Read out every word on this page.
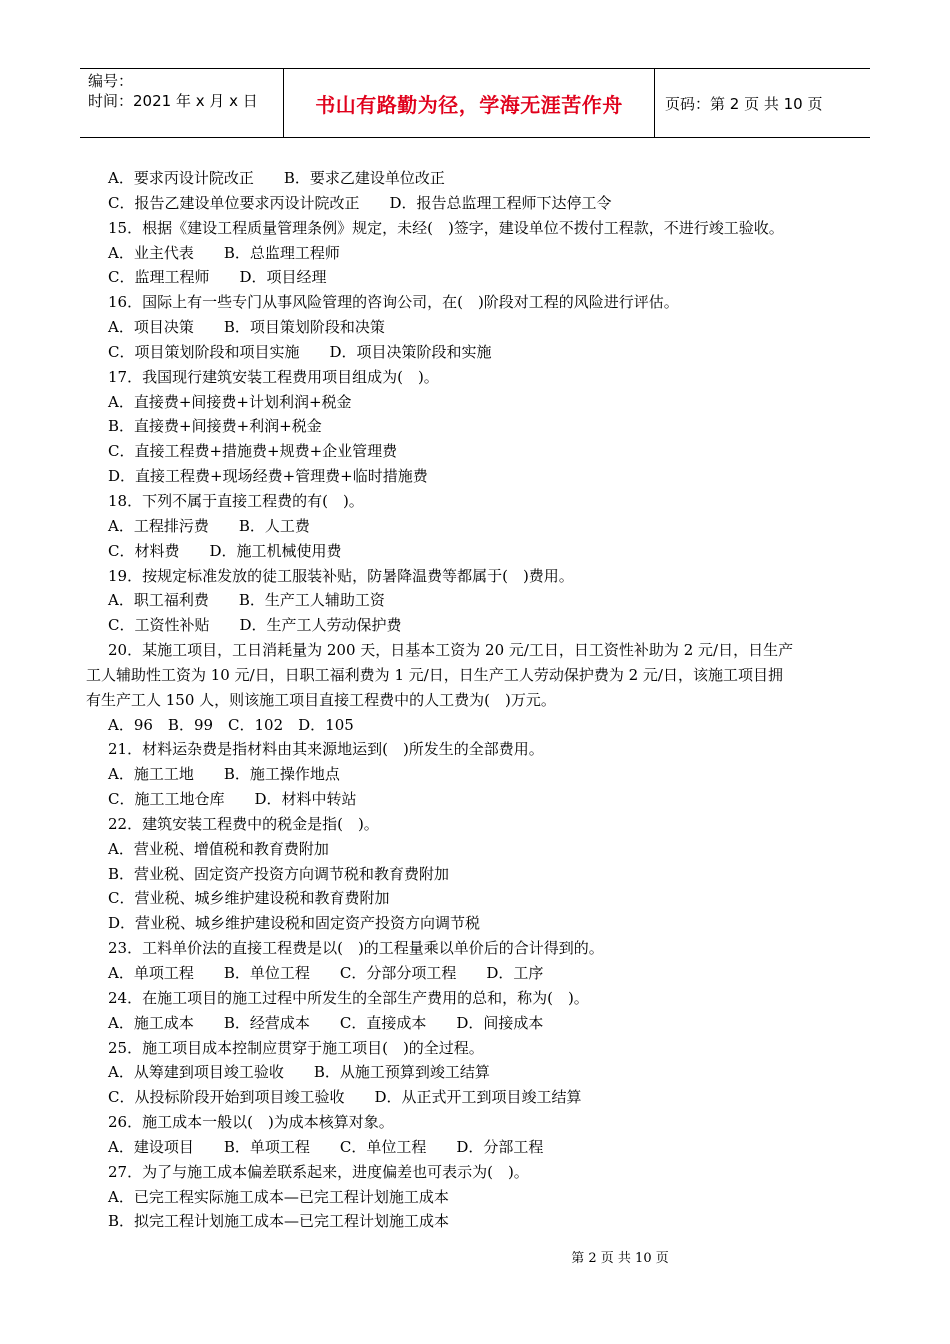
编号：
时间：2021 年 x 月 x 日	书山有路勤为径，学海无涯苦作舟	页码：第 2 页 共 10 页
A．要求丙设计院改正　　B．要求乙建设单位改正
C．报告乙建设单位要求丙设计院改正　　D．报告总监理工程师下达停工令
15．根据《建设工程质量管理条例》规定，未经(　)签字，建设单位不拨付工程款，不进行竣工验收。
A．业主代表　　B．总监理工程师
C．监理工程师　　D．项目经理
16．国际上有一些专门从事风险管理的咨询公司，在(　)阶段对工程的风险进行评估。
A．项目决策　　B．项目策划阶段和决策
C．项目策划阶段和项目实施　　D．项目决策阶段和实施
17．我国现行建筑安装工程费用项目组成为(　)。
A．直接费+间接费+计划利润+税金
B．直接费+间接费+利润+税金
C．直接工程费+措施费+规费+企业管理费
D．直接工程费+现场经费+管理费+临时措施费
18．下列不属于直接工程费的有(　)。
A．工程排污费　　B．人工费
C．材料费　　D．施工机械使用费
19．按规定标准发放的徒工服装补贴，防暑降温费等都属于(　)费用。
A．职工福利费　　B．生产工人辅助工资
C．工资性补贴　　D．生产工人劳动保护费
20．某施工项目，工日消耗量为 200 天，日基本工资为 20 元/工日，日工资性补助为 2 元/日，日生产
工人辅助性工资为 10 元/日，日职工福利费为 1 元/日，日生产工人劳动保护费为 2 元/日，该施工项目拥
有生产工人 150 人，则该施工项目直接工程费中的人工费为(　)万元。
A．96　B．99　C．102　D．105
21．材料运杂费是指材料由其来源地运到(　)所发生的全部费用。
A．施工工地　　B．施工操作地点
C．施工工地仓库　　D．材料中转站
22．建筑安装工程费中的税金是指(　)。
A．营业税、增值税和教育费附加
B．营业税、固定资产投资方向调节税和教育费附加
C．营业税、城乡维护建设税和教育费附加
D．营业税、城乡维护建设税和固定资产投资方向调节税
23．工料单价法的直接工程费是以(　)的工程量乘以单价后的合计得到的。
A．单项工程　　B．单位工程　　C．分部分项工程　　D．工序
24．在施工项目的施工过程中所发生的全部生产费用的总和，称为(　)。
A．施工成本　　B．经营成本　　C．直接成本　　D．间接成本
25．施工项目成本控制应贯穿于施工项目(　)的全过程。
A．从筹建到项目竣工验收　　B．从施工预算到竣工结算
C．从投标阶段开始到项目竣工验收　　D．从正式开工到项目竣工结算
26．施工成本一般以(　)为成本核算对象。
A．建设项目　　B．单项工程　　C．单位工程　　D．分部工程
27．为了与施工成本偏差联系起来，进度偏差也可表示为(　)。
A．已完工程实际施工成本—已完工程计划施工成本
B．拟完工程计划施工成本—已完工程计划施工成本
第 2 页 共 10 页
